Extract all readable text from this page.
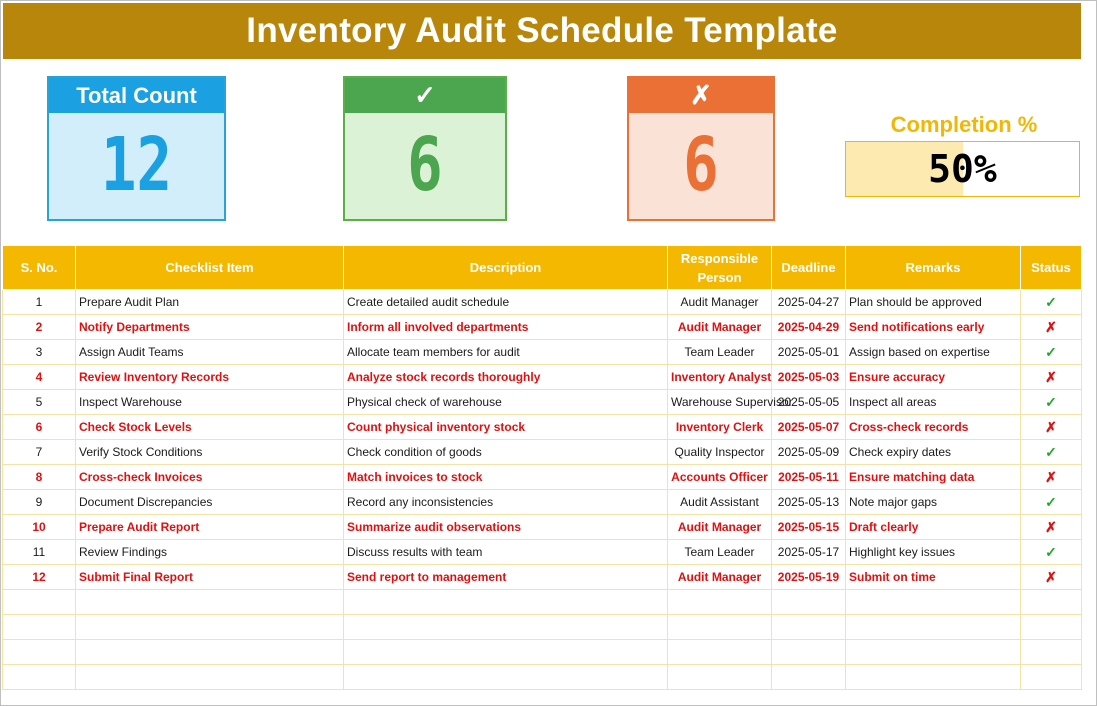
Inventory Audit Schedule Template
Total Count
12
✓
6
✗
6	Completion %
50%
S. No.	Checklist Item	Description	Responsible Person	Deadline	Remarks	Status
1	Prepare Audit Plan	Create detailed audit schedule	Audit Manager	2025-04-27	Plan should be approved	✓
2	Notify Departments	Inform all involved departments	Audit Manager	2025-04-29	Send notifications early	✗
3	Assign Audit Teams	Allocate team members for audit	Team Leader	2025-05-01	Assign based on expertise	✓
4	Review Inventory Records	Analyze stock records thoroughly	Inventory Analyst	2025-05-03	Ensure accuracy	✗
5	Inspect Warehouse	Physical check of warehouse	Warehouse Supervisor	2025-05-05	Inspect all areas	✓
6	Check Stock Levels	Count physical inventory stock	Inventory Clerk	2025-05-07	Cross-check records	✗
7	Verify Stock Conditions	Check condition of goods	Quality Inspector	2025-05-09	Check expiry dates	✓
8	Cross-check Invoices	Match invoices to stock	Accounts Officer	2025-05-11	Ensure matching data	✗
9	Document Discrepancies	Record any inconsistencies	Audit Assistant	2025-05-13	Note major gaps	✓
10	Prepare Audit Report	Summarize audit observations	Audit Manager	2025-05-15	Draft clearly	✗
11	Review Findings	Discuss results with team	Team Leader	2025-05-17	Highlight key issues	✓
12	Submit Final Report	Send report to management	Audit Manager	2025-05-19	Submit on time	✗
